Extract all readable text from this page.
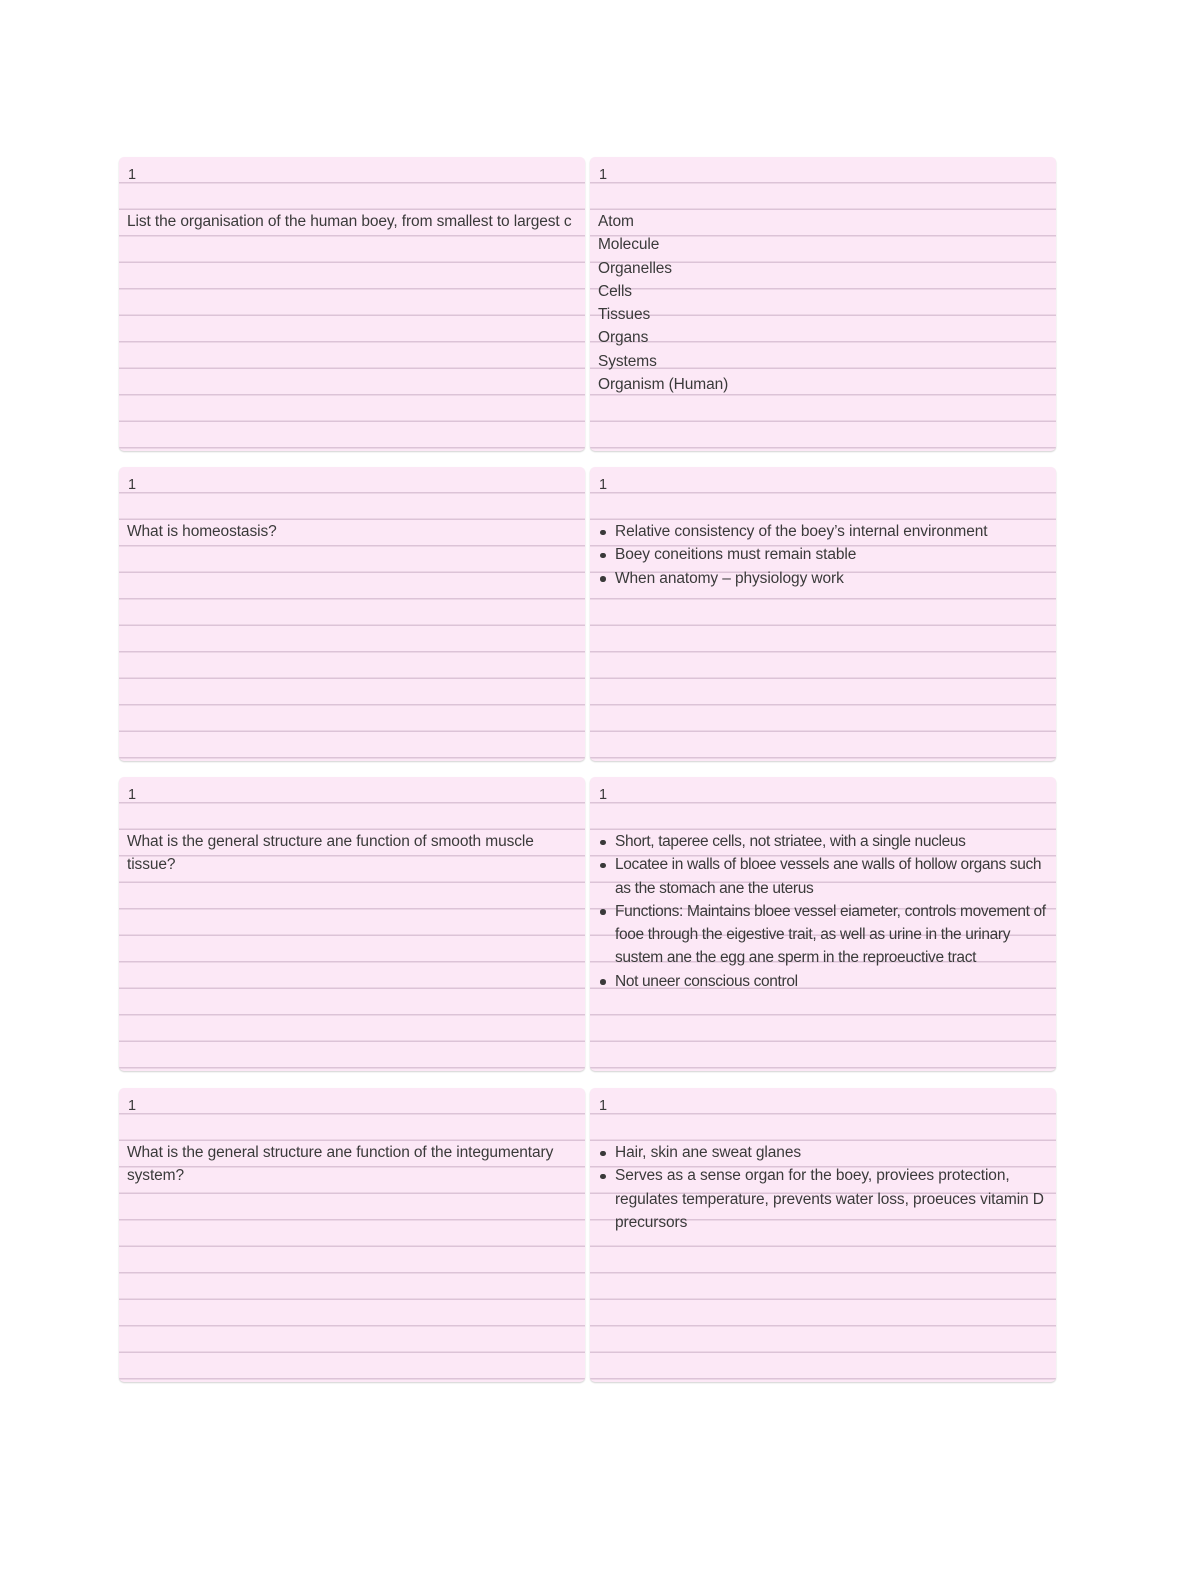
1
List the organisation of the human boey, from smallest to largest c
1
Atom
Molecule
Organelles
Cells
Tissues
Organs
Systems
Organism (Human)
1
What is homeostasis?
1
Relative consistency of the boey’s internal environment
Boey coneitions must remain stable
When anatomy – physiology work
1
What is the general structure ane function of smooth muscle tissue?
1
Short, taperee cells, not striatee, with a single nucleus
Locatee in walls of bloee vessels ane walls of hollow organs such as the stomach ane the uterus
Functions: Maintains bloee vessel eiameter, controls movement of fooe through the eigestive trait, as well as urine in the urinary sustem ane the egg ane sperm in the reproeuctive tract
Not uneer conscious control
1
What is the general structure ane function of the integumentary system?
1
Hair, skin ane sweat glanes
Serves as a sense organ for the boey, proviees protection, regulates temperature, prevents water loss, proeuces vitamin D precursors
